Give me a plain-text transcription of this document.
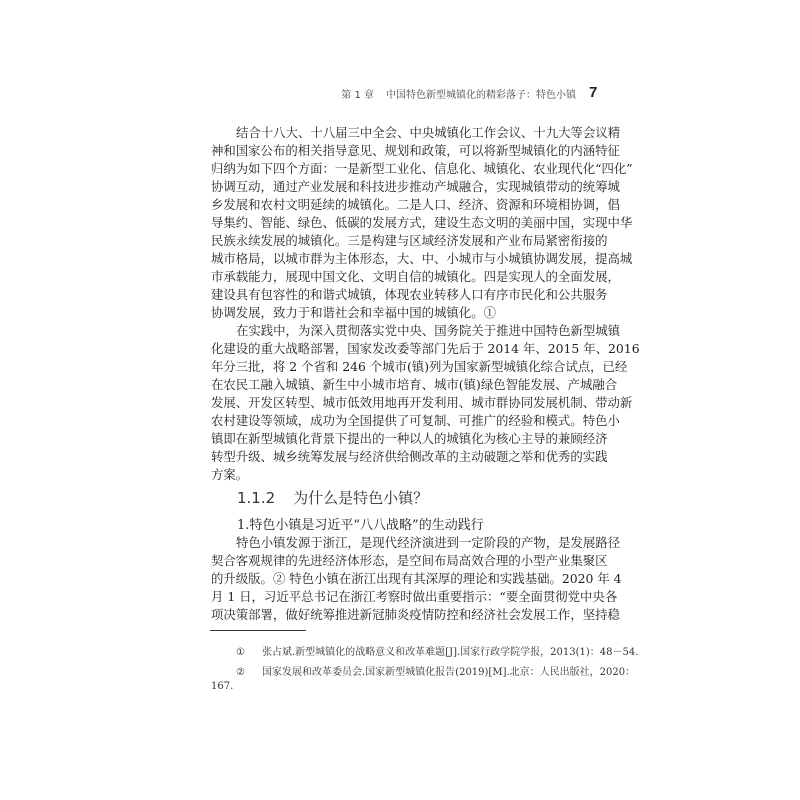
第 1 章 中国特色新型城镇化的精彩落子：特色小镇 7
结合十八大、十八届三中全会、中央城镇化工作会议、十九大等会议精
神和国家公布的相关指导意见、规划和政策，可以将新型城镇化的内涵特征
归纳为如下四个方面：一是新型工业化、信息化、城镇化、农业现代化“四化”
协调互动，通过产业发展和科技进步推动产城融合，实现城镇带动的统筹城
乡发展和农村文明延续的城镇化。二是人口、经济、资源和环境相协调，倡
导集约、智能、绿色、低碳的发展方式，建设生态文明的美丽中国，实现中华
民族永续发展的城镇化。三是构建与区域经济发展和产业布局紧密衔接的
城市格局，以城市群为主体形态，大、中、小城市与小城镇协调发展，提高城
市承载能力，展现中国文化、文明自信的城镇化。四是实现人的全面发展，
建设具有包容性的和谐式城镇，体现农业转移人口有序市民化和公共服务
协调发展，致力于和谐社会和幸福中国的城镇化。①
在实践中，为深入贯彻落实党中央、国务院关于推进中国特色新型城镇
化建设的重大战略部署，国家发改委等部门先后于 2014 年、2015 年、2016
年分三批，将 2 个省和 246 个城市(镇)列为国家新型城镇化综合试点，已经
在农民工融入城镇、新生中小城市培育、城市(镇)绿色智能发展、产城融合
发展、开发区转型、城市低效用地再开发利用、城市群协同发展机制、带动新
农村建设等领域，成功为全国提供了可复制、可推广的经验和模式。特色小
镇即在新型城镇化背景下提出的一种以人的城镇化为核心主导的兼顾经济
转型升级、城乡统筹发展与经济供给侧改革的主动破题之举和优秀的实践
方案。
1.1.2 为什么是特色小镇？
1.特色小镇是习近平“八八战略”的生动践行
特色小镇发源于浙江，是现代经济演进到一定阶段的产物，是发展路径
契合客观规律的先进经济体形态，是空间布局高效合理的小型产业集聚区
的升级版。② 特色小镇在浙江出现有其深厚的理论和实践基础。2020 年 4
月 1 日，习近平总书记在浙江考察时做出重要指示：“要全面贯彻党中央各
项决策部署，做好统筹推进新冠肺炎疫情防控和经济社会发展工作，坚持稳
① 张占斌.新型城镇化的战略意义和改革难题[J].国家行政学院学报，2013(1)：48－54.
② 国家发展和改革委员会.国家新型城镇化报告(2019)[M].北京：人民出版社，2020：
167.
